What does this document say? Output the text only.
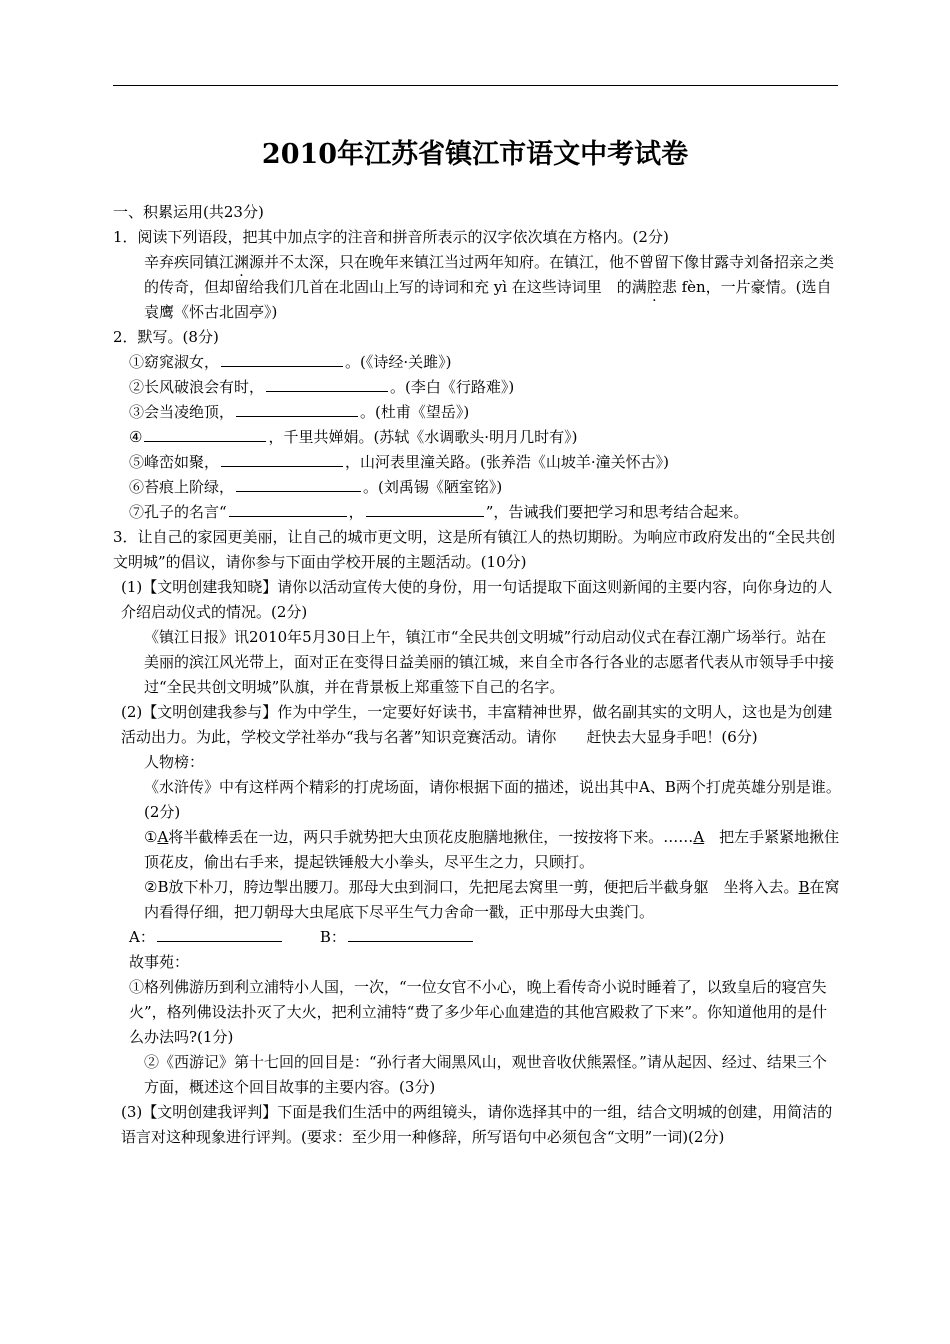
2010年江苏省镇江市语文中考试卷

一、积累运用(共23分)

1．阅读下列语段，把其中加点字的注音和拼音所表示的汉字依次填在方格内。(2分)

辛弃疾同镇江渊源并不太深，只在晚年来镇江当过两年知府。在镇江，他不曾留下像甘露寺刘备招亲之类的传奇，但却留给我们几首在北固山上写的诗词和充 yì 在这些诗词里　的满腔悲 fèn，一片豪情。(选自袁鹰《怀古北固亭》)

2．默写。(8分)

①窈窕淑女，	。(《诗经·关雎》)

②长风破浪会有时，	。(李白《行路难》)

③会当凌绝顶，	。(杜甫《望岳》)

④	，千里共婵娟。(苏轼《水调歌头·明月几时有》)

⑤峰峦如聚，	，山河表里潼关路。(张养浩《山坡羊·潼关怀古》)

⑥苔痕上阶绿，	。(刘禹锡《陋室铭》)

⑦孔子的名言“	，	”，告诫我们要把学习和思考结合起来。

3．让自己的家园更美丽，让自己的城市更文明，这是所有镇江人的热切期盼。为响应市政府发出的“全民共创文明城”的倡议，请你参与下面由学校开展的主题活动。(10分)

(1)【文明创建我知晓】请你以活动宣传大使的身份，用一句话提取下面这则新闻的主要内容，向你身边的人介绍启动仪式的情况。(2分)

《镇江日报》讯2010年5月30日上午，镇江市“全民共创文明城”行动启动仪式在春江潮广场举行。站在美丽的滨江风光带上，面对正在变得日益美丽的镇江城，来自全市各行各业的志愿者代表从市领导手中接过“全民共创文明城”队旗，并在背景板上郑重签下自己的名字。

(2)【文明创建我参与】作为中学生，一定要好好读书，丰富精神世界，做名副其实的文明人，这也是为创建活动出力。为此，学校文学社举办“我与名著”知识竞赛活动。请你　　赶快去大显身手吧！(6分)

人物榜：

《水浒传》中有这样两个精彩的打虎场面，请你根据下面的描述，说出其中A、B两个打虎英雄分别是谁。(2分)

①A将半截棒丢在一边，两只手就势把大虫顶花皮胞膳地揪住，一按按将下来。……A　把左手紧紧地揪住顶花皮，偷出右手来，提起铁锤般大小拳头，尽平生之力，只顾打。

②B放下朴刀，胯边掣出腰刀。那母大虫到洞口，先把尾去窝里一剪，便把后半截身躯　坐将入去。B在窝内看得仔细，把刀朝母大虫尾底下尽平生气力舍命一戳，正中那母大虫粪门。

A：	B：

故事苑：

①格列佛游历到利立浦特小人国，一次，“一位女官不小心，晚上看传奇小说时睡着了，以致皇后的寝宫失火”，格列佛设法扑灭了大火，把利立浦特“费了多少年心血建造的其他宫殿救了下来”。你知道他用的是什么办法吗?(1分)

②《西游记》第十七回的回目是：“孙行者大闹黑风山，观世音收伏熊罴怪。”请从起因、经过、结果三个方面，概述这个回目故事的主要内容。(3分)

(3)【文明创建我评判】下面是我们生活中的两组镜头，请你选择其中的一组，结合文明城的创建，用简洁的语言对这种现象进行评判。(要求：至少用一种修辞，所写语句中必须包含“文明”一词)(2分)
